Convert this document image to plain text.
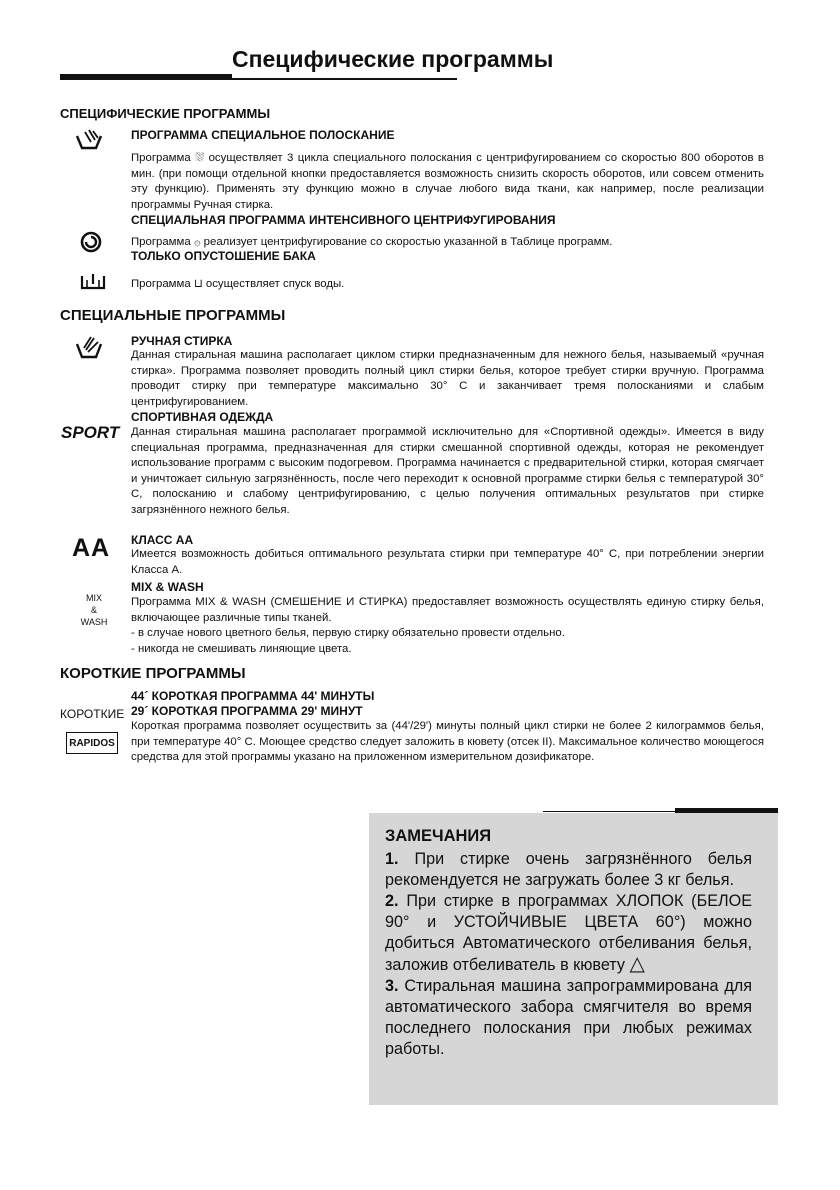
Специфические программы
СПЕЦИФИЧЕСКИЕ ПРОГРАММЫ
ПРОГРАММА СПЕЦИАЛЬНОЕ ПОЛОСКАНИЕ
Программа ⛆ осуществляет 3 цикла специального полоскания с центрифугированием со скоростью 800 оборотов в мин. (при помощи отдельной кнопки предоставляется возможность снизить скорость оборотов, или совсем отменить эту функцию). Применять эту функцию можно в случае любого вида ткани, как например, после реализации программы Ручная стирка.
СПЕЦИАЛЬНАЯ ПРОГРАММА ИНТЕНСИВНОГО ЦЕНТРИФУГИРОВАНИЯ
Программа ۞ реализует центрифугирование со скоростью указанной в Таблице программ.
ТОЛЬКО ОПУСТОШЕНИЕ БАКА
Программа ⊔ осуществляет спуск воды.
СПЕЦИАЛЬНЫЕ ПРОГРАММЫ
РУЧНАЯ СТИРКА
Данная стиральная машина располагает циклом стирки предназначенным для нежного белья, называемый «ручная стирка». Программа позволяет проводить полный цикл стирки белья, которое требует стирки вручную. Программа проводит стирку при температуре максимально 30° С и заканчивает тремя полосканиями и слабым центрифугированием.
SPORT
СПОРТИВНАЯ ОДЕЖДА
Данная стиральная машина располагает программой исключительно для «Спортивной одежды». Имеется в виду специальная программа, предназначенная для стирки смешанной спортивной одежды, которая не рекомендует использование программ с высоким подогревом. Программа начинается с предварительной стирки, которая смягчает и уничтожает сильную загрязнённость, после чего переходит к основной программе стирки белья с температурой 30° С, полосканию и слабому центрифугированию, с целью получения оптимальных результатов при стирке загрязнённого нежного белья.
AA КЛАСС АА
Имеется возможность добиться оптимального результата стирки при температуре 40° С, при потреблении энергии Класса А.
MIX
&
WASH
MIX & WASH
Программа MIX & WASH (СМЕШЕНИЕ И СТИРКА) предоставляет возможность осуществлять единую стирку белья, включающее различные типы тканей.
- в случае нового цветного белья, первую стирку обязательно провести отдельно.
- никогда не смешивать линяющие цвета.
КОРОТКИЕ ПРОГРАММЫ
44´ КОРОТКАЯ ПРОГРАММА 44' МИНУТЫ
29´ КОРОТКАЯ ПРОГРАММА 29' МИНУТ
КОРОТКИЕ
RAPIDOS
Короткая программа позволяет осуществить за (44'/29') минуты полный цикл стирки не более 2 килограммов белья, при температуре 40° С. Моющее средство следует заложить в кювету (отсек II). Максимальное количество моющегося средства для этой программы указано на приложенном измерительном дозификаторе.
ЗАМЕЧАНИЯ

1. При стирке очень загрязнённого белья рекомендуется не загружать более 3 кг белья.

2. При стирке в программах ХЛОПОК (БЕЛОЕ 90° и УСТОЙЧИВЫЕ ЦВЕТА 60°) можно добиться Автоматического отбеливания белья, заложив отбеливатель в кювету △

3. Стиральная машина запрограммирована для автоматического забора смягчителя во время последнего полоскания при любых режимах работы.
